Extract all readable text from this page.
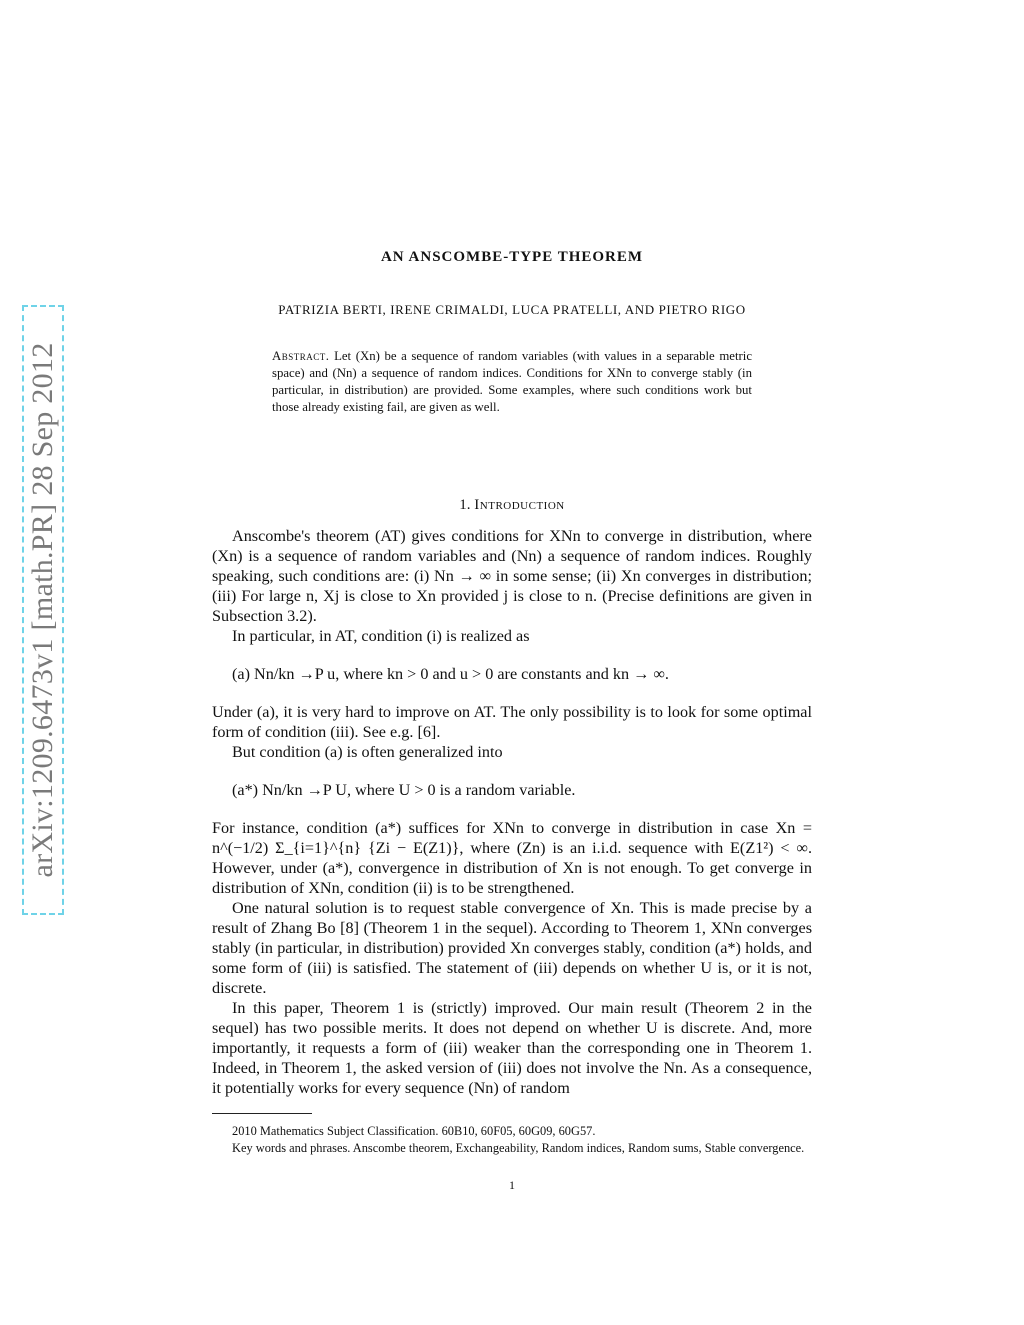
arXiv:1209.6473v1 [math.PR] 28 Sep 2012
AN ANSCOMBE-TYPE THEOREM
PATRIZIA BERTI, IRENE CRIMALDI, LUCA PRATELLI, AND PIETRO RIGO
Abstract. Let (Xn) be a sequence of random variables (with values in a separable metric space) and (Nn) a sequence of random indices. Conditions for XNn to converge stably (in particular, in distribution) are provided. Some examples, where such conditions work but those already existing fail, are given as well.
1. Introduction

Anscombe's theorem (AT) gives conditions for XNn to converge in distribution, where (Xn) is a sequence of random variables and (Nn) a sequence of random indices. Roughly speaking, such conditions are: (i) Nn → ∞ in some sense; (ii) Xn converges in distribution; (iii) For large n, Xj is close to Xn provided j is close to n. (Precise definitions are given in Subsection 3.2).

In particular, in AT, condition (i) is realized as

(a) Nn/kn →P u, where kn > 0 and u > 0 are constants and kn → ∞.

Under (a), it is very hard to improve on AT. The only possibility is to look for some optimal form of condition (iii). See e.g. [6].

But condition (a) is often generalized into

(a*) Nn/kn →P U, where U > 0 is a random variable.

For instance, condition (a*) suffices for XNn to converge in distribution in case Xn = n^(−1/2) Σ_{i=1}^{n} {Zi − E(Z1)}, where (Zn) is an i.i.d. sequence with E(Z1²) < ∞. However, under (a*), convergence in distribution of Xn is not enough. To get converge in distribution of XNn, condition (ii) is to be strengthened.

One natural solution is to request stable convergence of Xn. This is made precise by a result of Zhang Bo [8] (Theorem 1 in the sequel). According to Theorem 1, XNn converges stably (in particular, in distribution) provided Xn converges stably, condition (a*) holds, and some form of (iii) is satisfied. The statement of (iii) depends on whether U is, or it is not, discrete.

In this paper, Theorem 1 is (strictly) improved. Our main result (Theorem 2 in the sequel) has two possible merits. It does not depend on whether U is discrete. And, more importantly, it requests a form of (iii) weaker than the corresponding one in Theorem 1. Indeed, in Theorem 1, the asked version of (iii) does not involve the Nn. As a consequence, it potentially works for every sequence (Nn) of random

2010 Mathematics Subject Classification. 60B10, 60F05, 60G09, 60G57.

Key words and phrases. Anscombe theorem, Exchangeability, Random indices, Random sums, Stable convergence.

1
